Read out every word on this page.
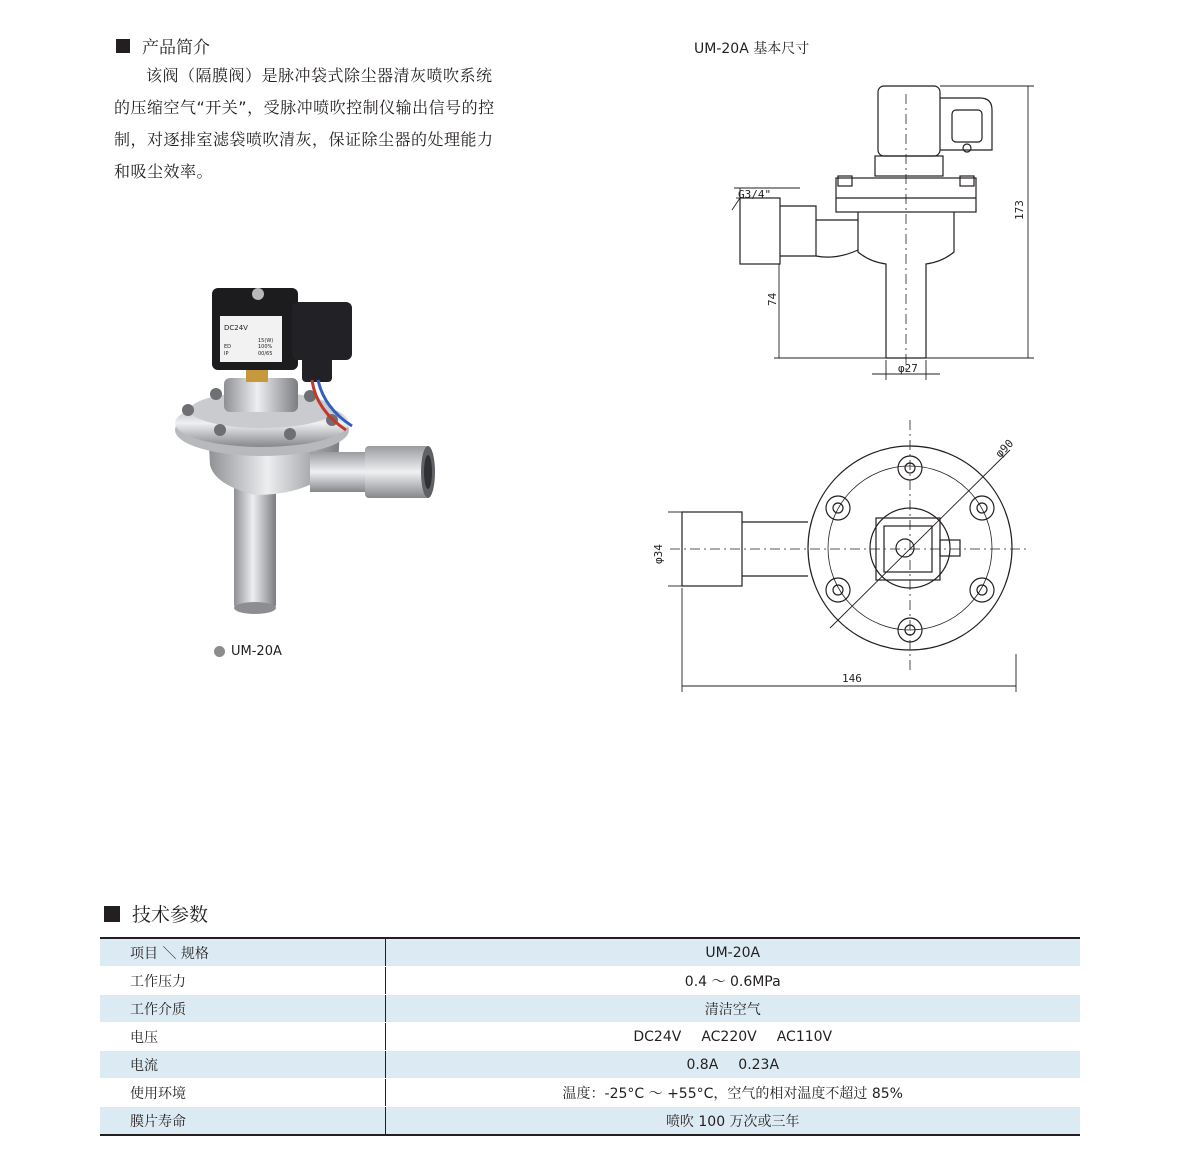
产品简介
该阀（隔膜阀）是脉冲袋式除尘器清灰喷吹系统的压缩空气“开关”，受脉冲喷吹控制仪输出信号的控制，对逐排室滤袋喷吹清灰，保证除尘器的处理能力和吸尘效率。
DC24V
15(W)
ED	100%
IP	00/65
UM-20A
UM-20A 基本尺寸
G3/4"
173
74
φ27
φ90
φ34
146
技术参数
项目 ＼ 规格	UM-20A
工作压力	0.4 ～ 0.6MPa
工作介质	清洁空气
电压	DC24V AC220V AC110V
电流	0.8A 0.23A
使用环境	温度：-25°C ～ +55°C，空气的相对温度不超过 85%
膜片寿命	喷吹 100 万次或三年
